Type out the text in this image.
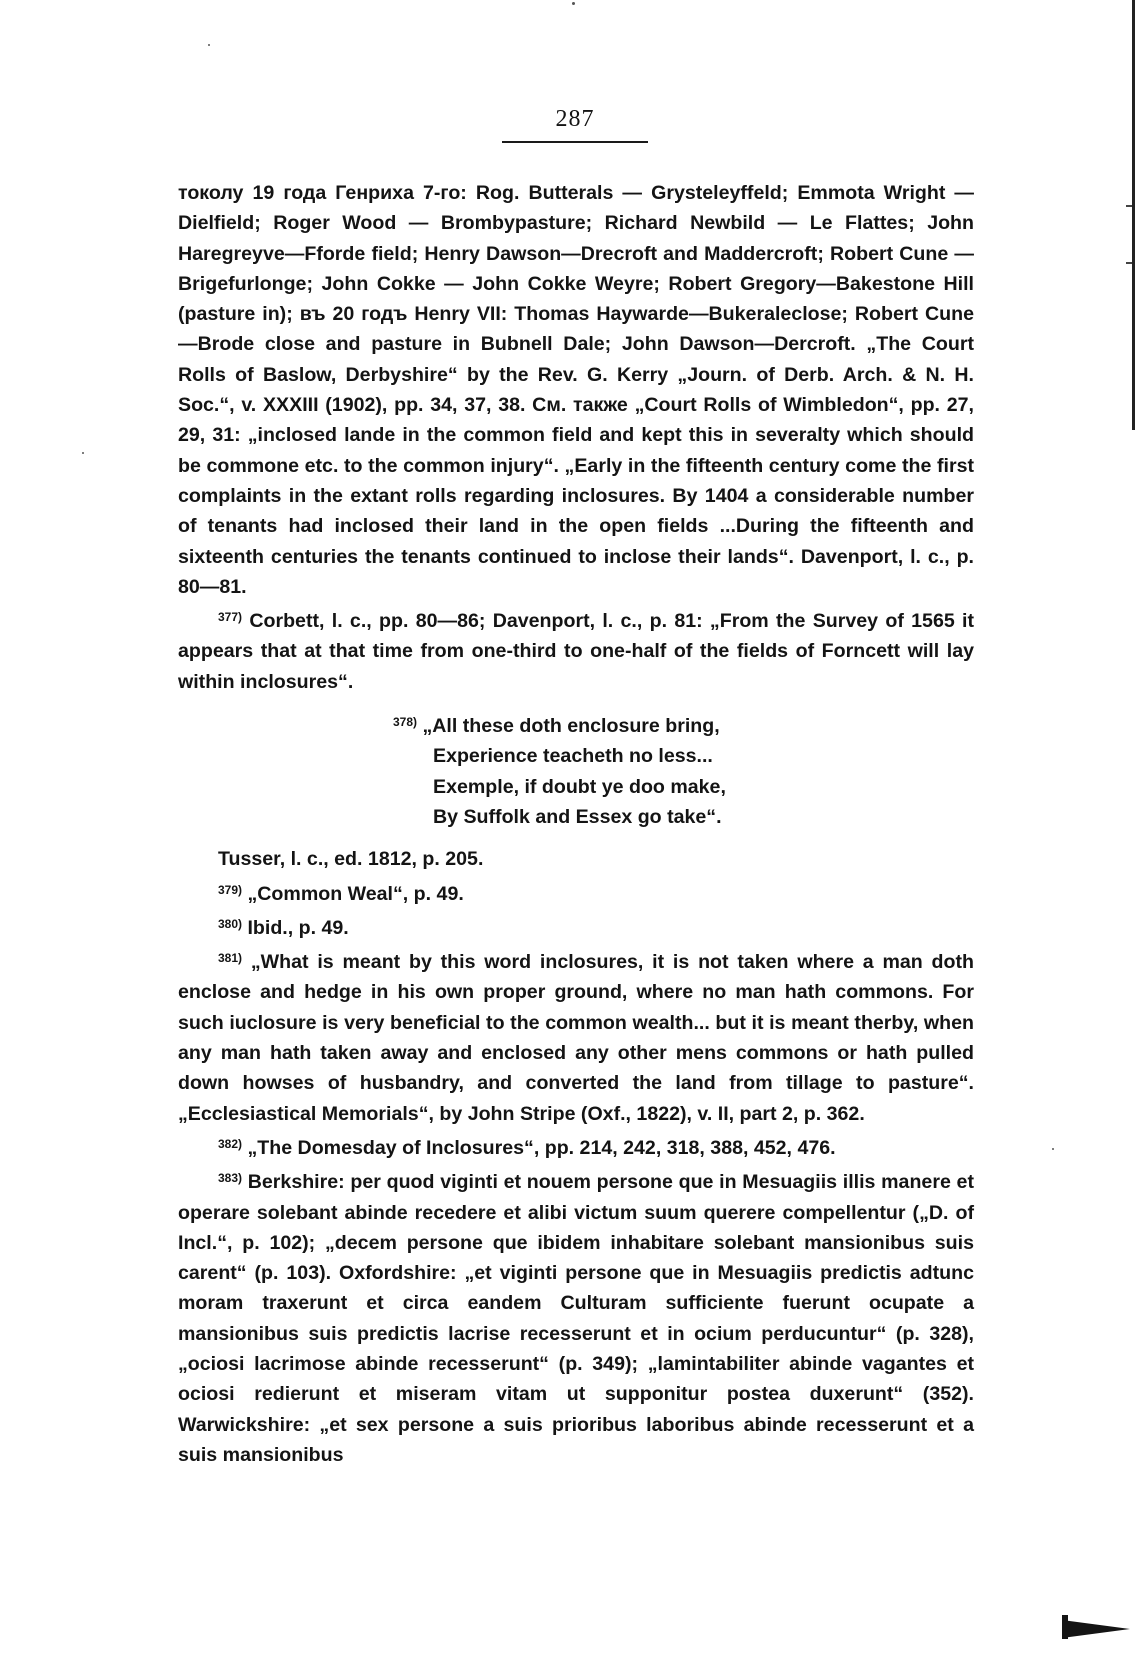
287

токолу 19 года Генриха 7-го: Rog. Butterals — Grysteleyffeld; Emmota Wright — Dielfield; Roger Wood — Brombypasture; Richard Newbild — Le Flattes; John Haregreyve—Fforde field; Henry Dawson—Drecroft and Maddercroft; Robert Cune — Brigefurlonge; John Cokke — John Cokke Weyre; Robert Gregory—Bakestone Hill (pasture in); въ 20 годъ Henry VII: Thomas Haywarde—Bukeraleclose; Robert Cune—Brode close and pasture in Bubnell Dale; John Dawson—Dercroft. „The Court Rolls of Baslow, Derbyshire“ by the Rev. G. Kerry „Journ. of Derb. Arch. & N. H. Soc.“, v. XXXIII (1902), pp. 34, 37, 38. См. также „Court Rolls of Wimbledon“, pp. 27, 29, 31: „inclosed lande in the common field and kept this in severalty which should be commone etc. to the common injury“. „Early in the fifteenth century come the first complaints in the extant rolls regarding inclosures. By 1404 a considerable number of tenants had inclosed their land in the open fields ...During the fifteenth and sixteenth centuries the tenants continued to inclose their lands“. Davenport, l. c., p. 80—81.

$^{377)}$ Corbett, l. c., pp. 80—86; Davenport, l. c., p. 81: „From the Survey of 1565 it appears that at that time from one-third to one-half of the fields of Forncett will lay within inclosures“.

$^{378)}$ „All these doth enclosure bring,

Experience teacheth no less...

Exemple, if doubt ye doo make,

By Suffolk and Essex go take“.

Tusser, l. c., ed. 1812, p. 205.

$^{379)}$ „Common Weal“, p. 49.

$^{380)}$ Ibid., p. 49.

$^{381)}$ „What is meant by this word inclosures, it is not taken where a man doth enclose and hedge in his own proper ground, where no man hath commons. For such iuclosure is very beneficial to the common wealth... but it is meant therby, when any man hath taken away and enclosed any other mens commons or hath pulled down howses of husbandry, and converted the land from tillage to pasture“. „Ecclesiastical Memorials“, by John Stripe (Oxf., 1822), v. II, part 2, p. 362.

$^{382)}$ „The Domesday of Inclosures“, pp. 214, 242, 318, 388, 452, 476.

$^{383)}$ Berkshire: per quod viginti et nouem persone que in Mesuagiis illis manere et operare solebant abinde recedere et alibi victum suum querere compellentur („D. of Incl.“, p. 102); „decem persone que ibidem inhabitare solebant mansionibus suis carent“ (p. 103). Oxfordshire: „et viginti persone que in Mesuagiis predictis adtunc moram traxerunt et circa eandem Culturam sufficiente fuerunt ocupate a mansionibus suis predictis lacrise recesserunt et in ocium perducuntur“ (p. 328), „ociosi lacrimose abinde recesserunt“ (p. 349); „lamintabiliter abinde vagantes et ociosi redierunt et miseram vitam ut supponitur postea duxerunt“ (352). Warwickshire: „et sex persone a suis prioribus laboribus abinde recesserunt et a suis mansionibus
